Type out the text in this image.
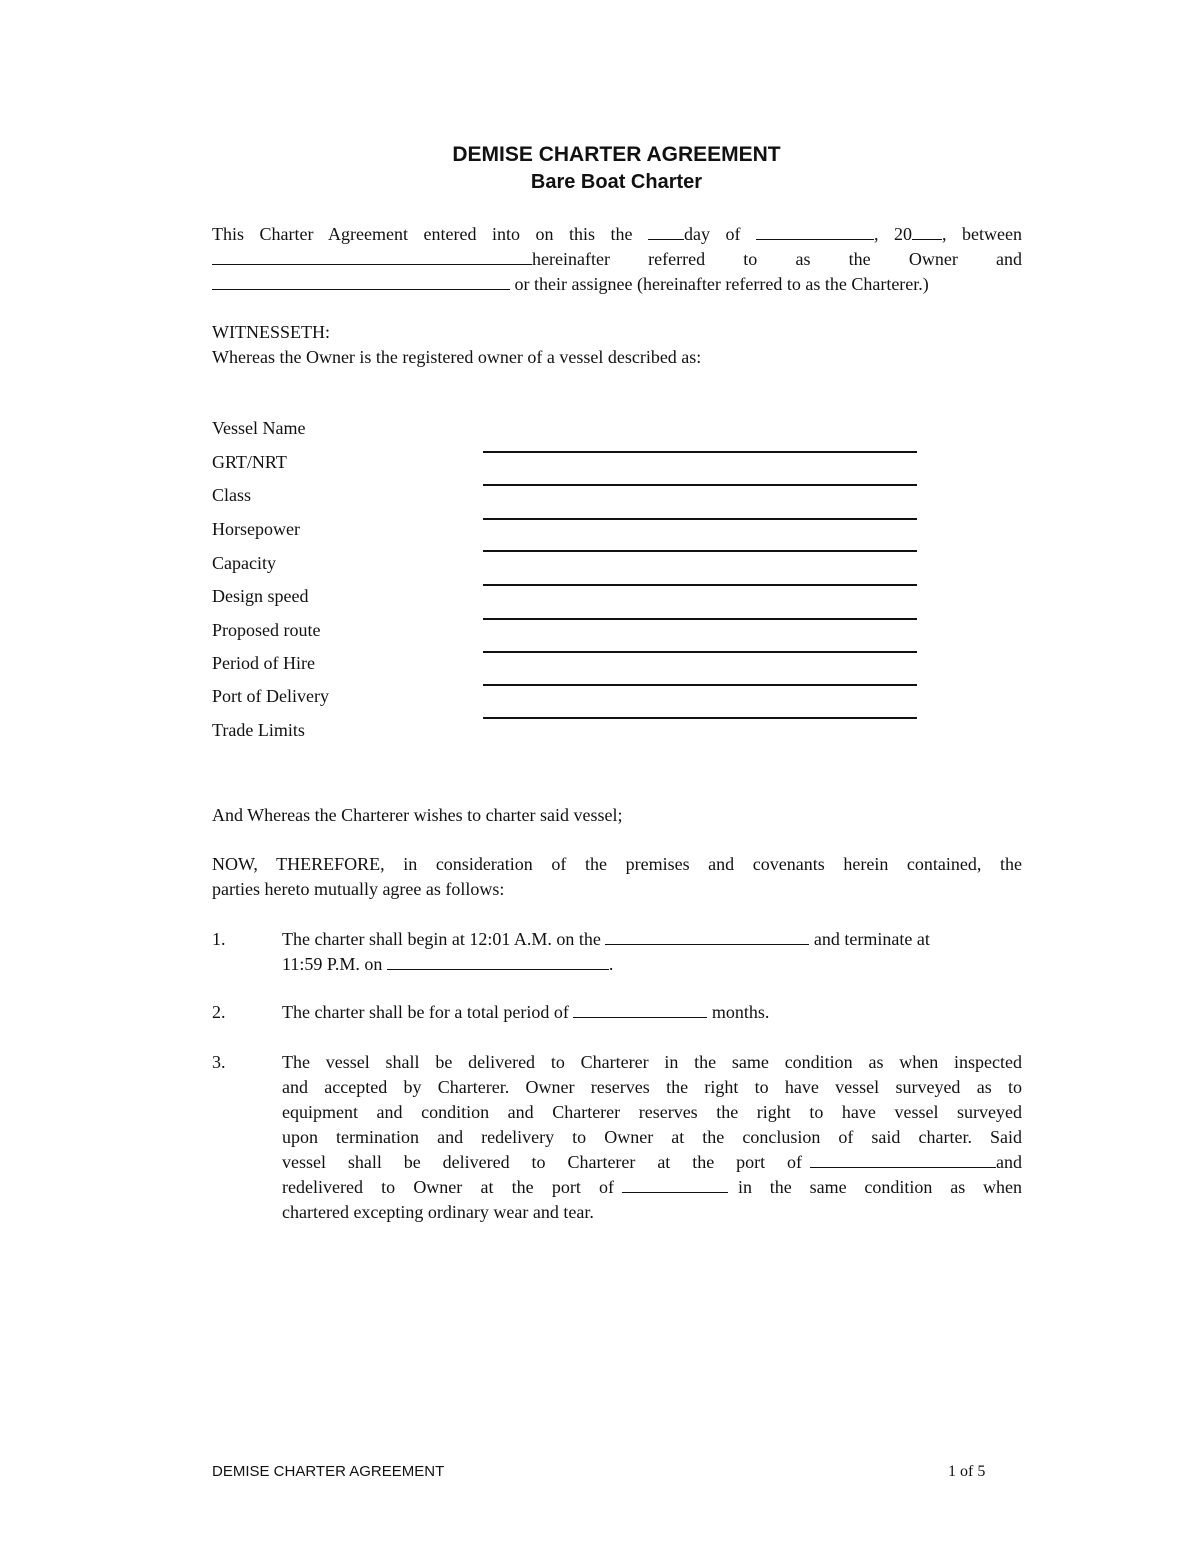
DEMISE CHARTER AGREEMENT
Bare Boat Charter
This Charter Agreement entered into on this the	day of	, 20 , between
hereinafter referred to as the Owner and
or their assignee (hereinafter referred to as the Charterer.)
WITNESSETH:
Whereas the Owner is the registered owner of a vessel described as:
Vessel Name
GRT/NRT
Class
Horsepower
Capacity
Design speed
Proposed route
Period of Hire
Port of Delivery
Trade Limits
And Whereas the Charterer wishes to charter said vessel;
NOW, THEREFORE, in consideration of the premises and covenants herein contained, the
parties hereto mutually agree as follows:
1.	The charter shall begin at 12:01 A.M. on the	and terminate at
11:59 P.M. on	.
2.	The charter shall be for a total period of	months.
3.	The vessel shall be delivered to Charterer in the same condition as when inspected
and accepted by Charterer. Owner reserves the right to have vessel surveyed as to
equipment and condition and Charterer reserves the right to have vessel surveyed
upon termination and redelivery to Owner at the conclusion of said charter. Said
vessel shall be delivered to Charterer at the port of	and
redelivered to Owner at the port of	in the same condition as when
chartered excepting ordinary wear and tear.
DEMISE CHARTER AGREEMENT	1 of 5
